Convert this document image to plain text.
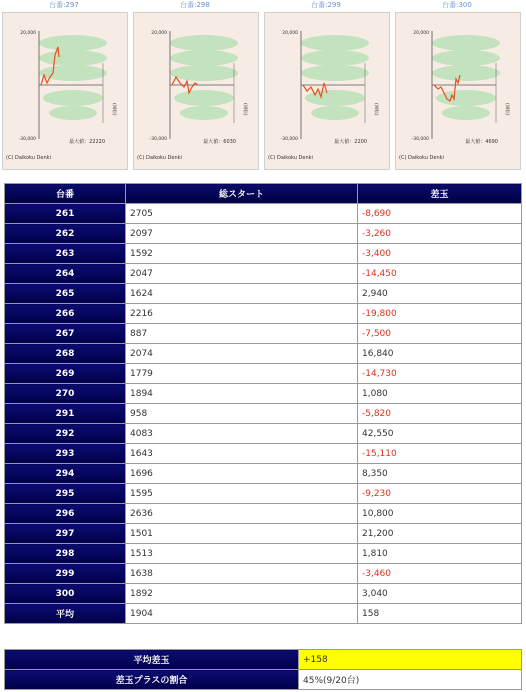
台番:297
20,000
-30,000
(回転)
最大値：22220
(C) Daikoku Denki
台番:298
20,000
-30,000
(回転)
最大値：6030
(C) Daikoku Denki
台番:299
20,000
-30,000
(回転)
最大値：2200
(C) Daikoku Denki
台番:300
20,000
-30,000
(回転)
最大値：4690
(C) Daikoku Denki
台番	総スタート	差玉
261	2705	-8,690
262	2097	-3,260
263	1592	-3,400
264	2047	-14,450
265	1624	2,940
266	2216	-19,800
267	887	-7,500
268	2074	16,840
269	1779	-14,730
270	1894	1,080
291	958	-5,820
292	4083	42,550
293	1643	-15,110
294	1696	8,350
295	1595	-9,230
296	2636	10,800
297	1501	21,200
298	1513	1,810
299	1638	-3,460
300	1892	3,040
平均	1904	158
平均差玉	+158
差玉プラスの割合	45%(9/20台)
